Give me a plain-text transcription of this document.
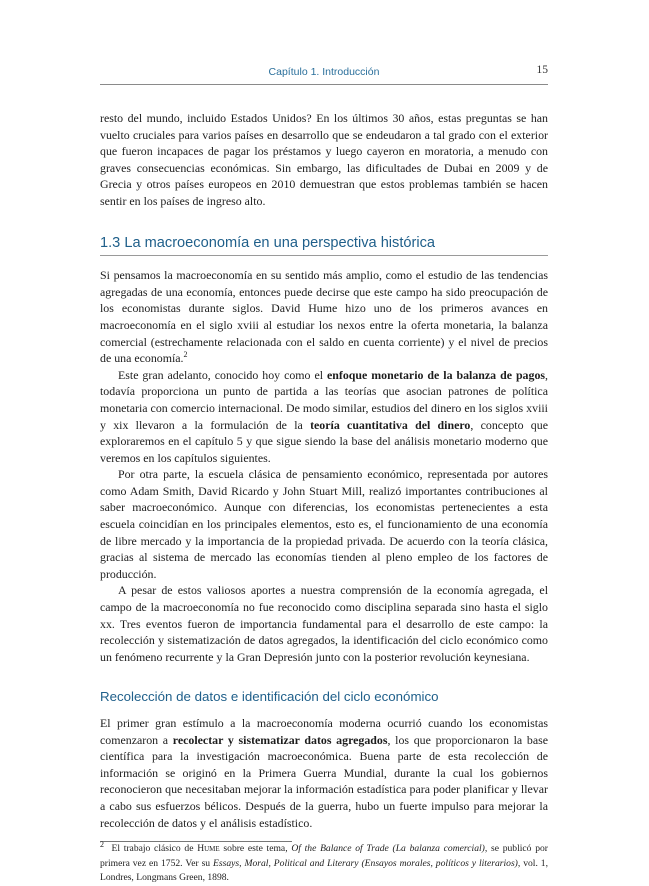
Capítulo 1. Introducción	15

resto del mundo, incluido Estados Unidos? En los últimos 30 años, estas preguntas se han vuelto cruciales para varios países en desarrollo que se endeudaron a tal grado con el exterior que fueron incapaces de pagar los préstamos y luego cayeron en moratoria, a menudo con graves consecuencias económicas. Sin embargo, las dificultades de Dubai en 2009 y de Grecia y otros países europeos en 2010 demuestran que estos problemas también se hacen sentir en los países de ingreso alto.

1.3 La macroeconomía en una perspectiva histórica

Si pensamos la macroeconomía en su sentido más amplio, como el estudio de las tendencias agregadas de una economía, entonces puede decirse que este campo ha sido preocupación de los economistas durante siglos. David Hume hizo uno de los primeros avances en macroeconomía en el siglo xviii al estudiar los nexos entre la oferta monetaria, la balanza comercial (estrechamente relacionada con el saldo en cuenta corriente) y el nivel de precios de una economía.$^2$

Este gran adelanto, conocido hoy como el enfoque monetario de la balanza de pagos, todavía proporciona un punto de partida a las teorías que asocian patrones de política monetaria con comercio internacional. De modo similar, estudios del dinero en los siglos xviii y xix llevaron a la formulación de la teoría cuantitativa del dinero, concepto que exploraremos en el capítulo 5 y que sigue siendo la base del análisis monetario moderno que veremos en los capítulos siguientes.

Por otra parte, la escuela clásica de pensamiento económico, representada por autores como Adam Smith, David Ricardo y John Stuart Mill, realizó importantes contribuciones al saber macroeconómico. Aunque con diferencias, los economistas pertenecientes a esta escuela coincidían en los principales elementos, esto es, el funcionamiento de una economía de libre mercado y la importancia de la propiedad privada. De acuerdo con la teoría clásica, gracias al sistema de mercado las economías tienden al pleno empleo de los factores de producción.

A pesar de estos valiosos aportes a nuestra comprensión de la economía agregada, el campo de la macroeconomía no fue reconocido como disciplina separada sino hasta el siglo xx. Tres eventos fueron de importancia fundamental para el desarrollo de este campo: la recolección y sistematización de datos agregados, la identificación del ciclo económico como un fenómeno recurrente y la Gran Depresión junto con la posterior revolución keynesiana.

Recolección de datos e identificación del ciclo económico

El primer gran estímulo a la macroeconomía moderna ocurrió cuando los economistas comenzaron a recolectar y sistematizar datos agregados, los que proporcionaron la base científica para la investigación macroeconómica. Buena parte de esta recolección de información se originó en la Primera Guerra Mundial, durante la cual los gobiernos reconocieron que necesitaban mejorar la información estadística para poder planificar y llevar a cabo sus esfuerzos bélicos. Después de la guerra, hubo un fuerte impulso para mejorar la recolección de datos y el análisis estadístico.

$^2$ El trabajo clásico de Hume sobre este tema, Of the Balance of Trade (La balanza comercial), se publicó por primera vez en 1752. Ver su Essays, Moral, Political and Literary (Ensayos morales, políticos y literarios), vol. 1, Londres, Longmans Green, 1898.
